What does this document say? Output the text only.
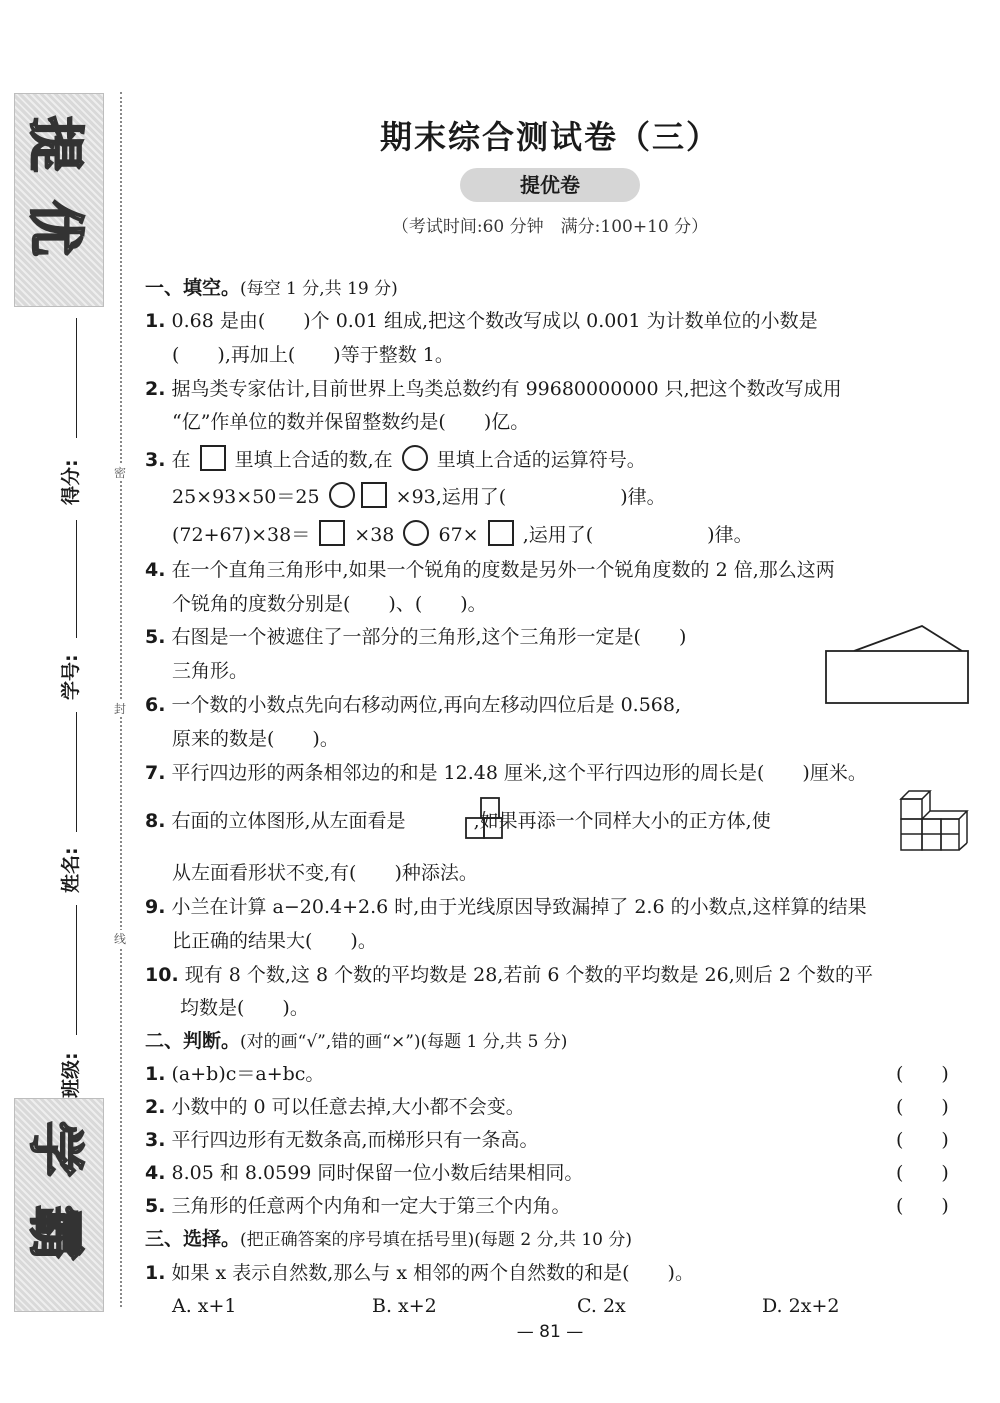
提优
学霸
密
封
线
得分:
学号:
姓名:
班级:
期末综合测试卷（三）
提优卷
（考试时间:60 分钟　满分:100+10 分）
一、填空。(每空 1 分,共 19 分)
1. 0.68 是由(　　)个 0.01 组成,把这个数改写成以 0.001 为计数单位的小数是
(　　),再加上(　　)等于整数 1。
2. 据鸟类专家估计,目前世界上鸟类总数约有 99680000000 只,把这个数改写成用
“亿”作单位的数并保留整数约是(　　)亿。
3. 在 里填上合适的数,在 里填上合适的运算符号。
25×93×50＝25	×93,运用了(　　　　　　)律。
(72+67)×38＝ ×38 67× ,运用了(　　　　　　)律。
4. 在一个直角三角形中,如果一个锐角的度数是另外一个锐角度数的 2 倍,那么这两
个锐角的度数分别是(　　)、(　　)。
5. 右图是一个被遮住了一部分的三角形,这个三角形一定是(　　)
三角形。
6. 一个数的小数点先向右移动两位,再向左移动四位后是 0.568,
原来的数是(　　)。
7. 平行四边形的两条相邻边的和是 12.48 厘米,这个平行四边形的周长是(　　)厘米。
8. 右面的立体图形,从左面看是	,如果再添一个同样大小的正方体,使
从左面看形状不变,有(　　)种添法。
9. 小兰在计算 a−20.4+2.6 时,由于光线原因导致漏掉了 2.6 的小数点,这样算的结果
比正确的结果大(　　)。
10. 现有 8 个数,这 8 个数的平均数是 28,若前 6 个数的平均数是 26,则后 2 个数的平
均数是(　　)。
二、判断。(对的画“√”,错的画“×”)(每题 1 分,共 5 分)
1. (a+b)c＝a+bc。	(　　)
2. 小数中的 0 可以任意去掉,大小都不会变。	(　　)
3. 平行四边形有无数条高,而梯形只有一条高。	(　　)
4. 8.05 和 8.0599 同时保留一位小数后结果相同。	(　　)
5. 三角形的任意两个内角和一定大于第三个内角。	(　　)
三、选择。(把正确答案的序号填在括号里)(每题 2 分,共 10 分)
1. 如果 x 表示自然数,那么与 x 相邻的两个自然数的和是(　　)。
A. x+1	B. x+2	C. 2x	D. 2x+2
— 81 —
